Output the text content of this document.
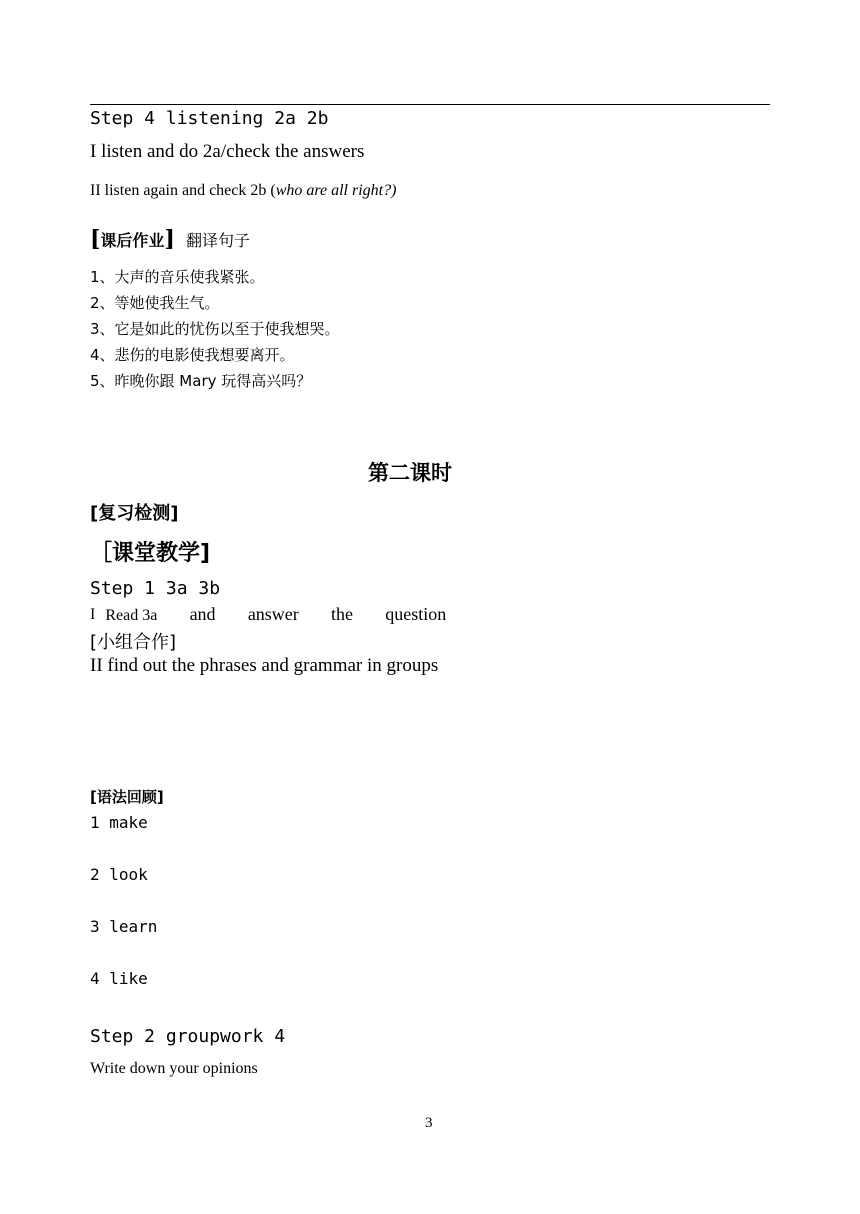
Step 4 listening 2a 2b
I listen and do 2a/check the answers
II listen again and check 2b (who are all right?)
[课后作业] 翻译句子
1、大声的音乐使我紧张。
2、等她使我生气。
3、它是如此的忧伤以至于使我想哭。
4、悲伤的电影使我想要离开。
5、昨晚你跟 Mary 玩得高兴吗？
第二课时
[复习检测]
［课堂教学]
Step 1 3a 3b
I Read 3a and answer the question
[小组合作]
II find out the phrases and grammar in groups
[语法回顾]
1 make
2 look
3 learn
4 like
Step 2 groupwork 4
Write down your opinions
3
